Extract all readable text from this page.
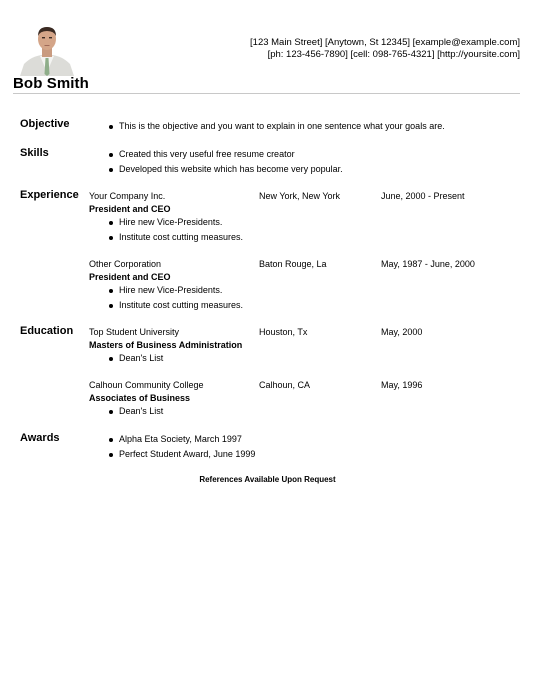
Bob Smith
[123 Main Street] [Anytown, St 12345] [example@example.com]
[ph: 123-456-7890] [cell: 098-765-4321] [http://yoursite.com]
Objective	This is the objective and you want to explain in one sentence what your goals are.
Skills	Created this very useful free resume creator
Developed this website which has become very popular.
Experience Your Company Inc.	New York, New York	June, 2000 - Present
President and CEO
Hire new Vice-Presidents.
Institute cost cutting measures.
Other Corporation	Baton Rouge, La	May, 1987 - June, 2000
President and CEO
Hire new Vice-Presidents.
Institute cost cutting measures.
Education Top Student University	Houston, Tx	May, 2000
Masters of Business Administration
Dean's List
Calhoun Community College	Calhoun, CA	May, 1996
Associates of Business
Dean's List
Awards	Alpha Eta Society, March 1997
Perfect Student Award, June 1999
References Available Upon Request
